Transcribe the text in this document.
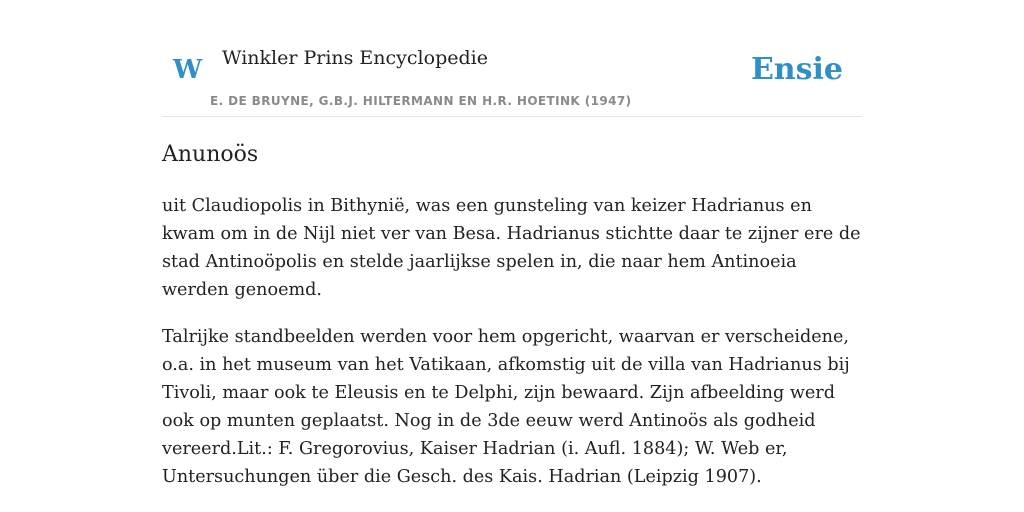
W Winkler Prins Encyclopedie
E. DE BRUYNE, G.B.J. HILTERMANN EN H.R. HOETINK (1947)
Ensie
Anunoös

uit Claudiopolis in Bithynië, was een gunsteling van keizer Hadrianus en kwam om in de Nijl niet ver van Besa. Hadrianus stichtte daar te zijner ere de stad Antinoöpolis en stelde jaarlijkse spelen in, die naar hem Antinoeia werden genoemd.

Talrijke standbeelden werden voor hem opgericht, waarvan er verscheidene, o.a. in het museum van het Vatikaan, afkomstig uit de villa van Hadrianus bij Tivoli, maar ook te Eleusis en te Delphi, zijn bewaard. Zijn afbeelding werd ook op munten geplaatst. Nog in de 3de eeuw werd Antinoös als godheid vereerd.Lit.: F. Gregorovius, Kaiser Hadrian (i. Aufl. 1884); W. Web er, Untersuchungen über die Gesch. des Kais. Hadrian (Leipzig 1907).
